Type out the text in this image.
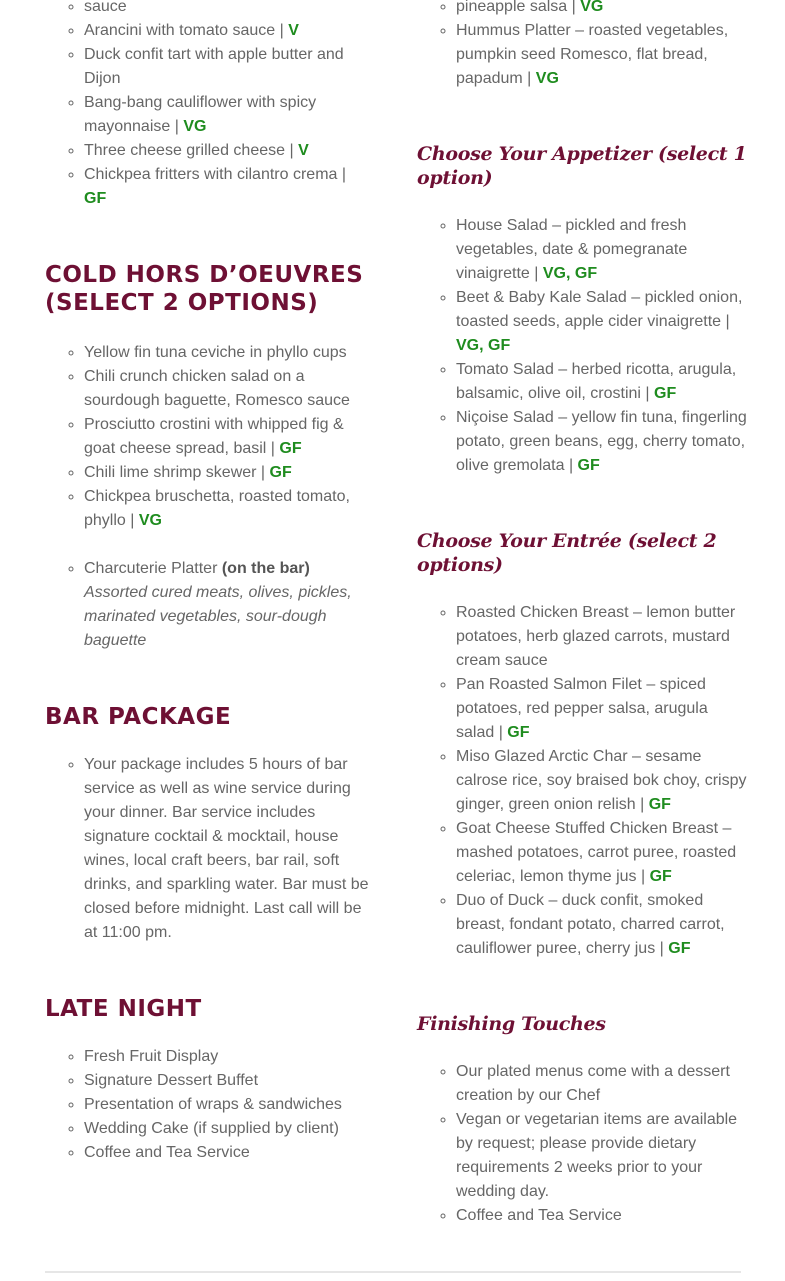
◦ sauce
◦ Arancini with tomato sauce | V
◦ Duck confit tart with apple butter and Dijon
◦ Bang-bang cauliflower with spicy mayonnaise | VG
◦ Three cheese grilled cheese | V
◦ Chickpea fritters with cilantro crema | GF
COLD HORS D’OEUVRES (SELECT 2 OPTIONS)
◦ Yellow fin tuna ceviche in phyllo cups
◦ Chili crunch chicken salad on a sourdough baguette, Romesco sauce
◦ Prosciutto crostini with whipped fig & goat cheese spread, basil | GF
◦ Chili lime shrimp skewer | GF
◦ Chickpea bruschetta, roasted tomato, phyllo | VG
◦ Charcuterie Platter (on the bar)
Assorted cured meats, olives, pickles, marinated vegetables, sour-dough baguette
BAR PACKAGE
◦ Your package includes 5 hours of bar service as well as wine service during your dinner. Bar service includes signature cocktail & mocktail, house wines, local craft beers, bar rail, soft drinks, and sparkling water. Bar must be closed before midnight. Last call will be at 11:00 pm.
LATE NIGHT
◦ Fresh Fruit Display
◦ Signature Dessert Buffet
◦ Presentation of wraps & sandwiches
◦ Wedding Cake (if supplied by client)
◦ Coffee and Tea Service
◦ pineapple salsa | VG
◦ Hummus Platter – roasted vegetables, pumpkin seed Romesco, flat bread, papadum | VG
Choose Your Appetizer (select 1 option)
◦ House Salad – pickled and fresh vegetables, date & pomegranate vinaigrette | VG, GF
◦ Beet & Baby Kale Salad – pickled onion, toasted seeds, apple cider vinaigrette | VG, GF
◦ Tomato Salad – herbed ricotta, arugula, balsamic, olive oil, crostini | GF
◦ Niçoise Salad – yellow fin tuna, fingerling potato, green beans, egg, cherry tomato, olive gremolata | GF
Choose Your Entrée (select 2 options)
◦ Roasted Chicken Breast – lemon butter potatoes, herb glazed carrots, mustard cream sauce
◦ Pan Roasted Salmon Filet – spiced potatoes, red pepper salsa, arugula salad | GF
◦ Miso Glazed Arctic Char – sesame calrose rice, soy braised bok choy, crispy ginger, green onion relish | GF
◦ Goat Cheese Stuffed Chicken Breast – mashed potatoes, carrot puree, roasted celeriac, lemon thyme jus | GF
◦ Duo of Duck – duck confit, smoked breast, fondant potato, charred carrot, cauliflower puree, cherry jus | GF
Finishing Touches
◦ Our plated menus come with a dessert creation by our Chef
◦ Vegan or vegetarian items are available by request; please provide dietary requirements 2 weeks prior to your wedding day.
◦ Coffee and Tea Service
